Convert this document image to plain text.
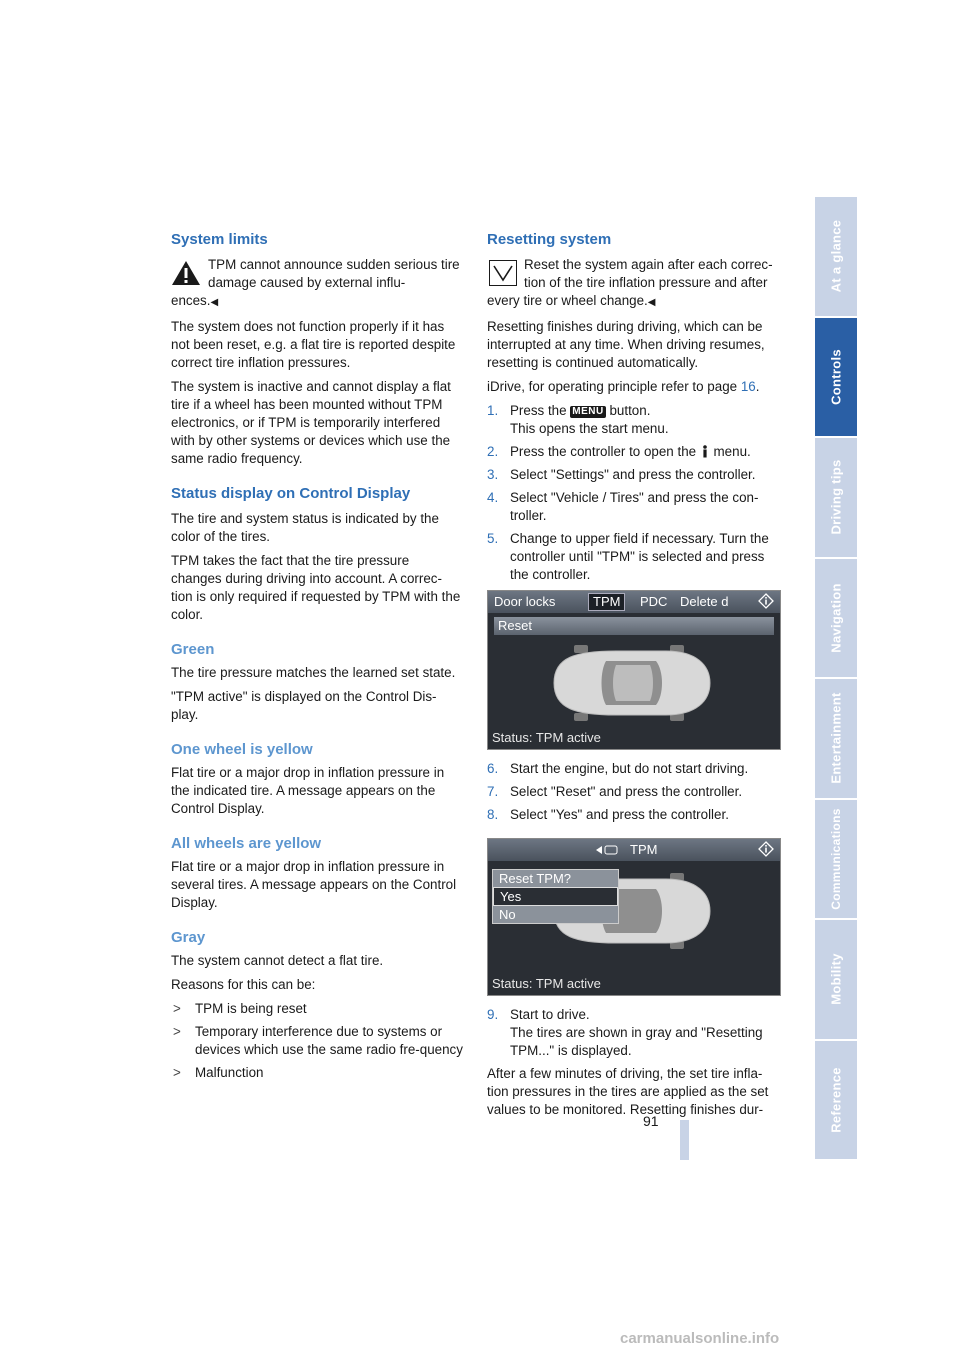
System limits
TPM cannot announce sudden serious tire damage caused by external influ-
ences.◀

The system does not function properly if it has not been reset, e.g. a flat tire is reported despite correct tire inflation pressures.

The system is inactive and cannot display a flat tire if a wheel has been mounted without TPM electronics, or if TPM is temporarily interfered with by other systems or devices which use the same radio frequency.

Status display on Control Display

The tire and system status is indicated by the color of the tires.

TPM takes the fact that the tire pressure changes during driving into account. A correc-tion is only required if requested by TPM with the color.

Green

The tire pressure matches the learned set state.

"TPM active" is displayed on the Control Dis-play.

One wheel is yellow

Flat tire or a major drop in inflation pressure in the indicated tire. A message appears on the Control Display.

All wheels are yellow

Flat tire or a major drop in inflation pressure in several tires. A message appears on the Control Display.

Gray

The system cannot detect a flat tire.

Reasons for this can be:

> TPM is being reset
> Temporary interference due to systems or devices which use the same radio fre-quency
> Malfunction
Resetting system
Reset the system again after each correc-tion of the tire inflation pressure and after
every tire or wheel change.◀

Resetting finishes during driving, which can be interrupted at any time. When driving resumes, resetting is continued automatically.

iDrive, for operating principle refer to page 16.

1. Press the MENU button.
This opens the start menu.
2. Press the controller to open the  menu.
3. Select "Settings" and press the controller.
4. Select "Vehicle / Tires" and press the con-troller.
5. Change to upper field if necessary. Turn the controller until "TPM" is selected and press the controller.
Door locks	TPM	PDC Delete d
Reset
Status: TPM active
6. Start the engine, but do not start driving.
7. Select "Reset" and press the controller.
8. Select "Yes" and press the controller.
TPM
Reset TPM?
Yes
No
Status: TPM active
9. Start to drive.
The tires are shown in gray and "Resetting TPM..." is displayed.

After a few minutes of driving, the set tire infla-tion pressures in the tires are applied as the set values to be monitored. Resetting finishes dur-

At a glance
Controls
Driving tips
Navigation
Entertainment
Communications
Mobility
Reference
91
carmanualsonline.info
